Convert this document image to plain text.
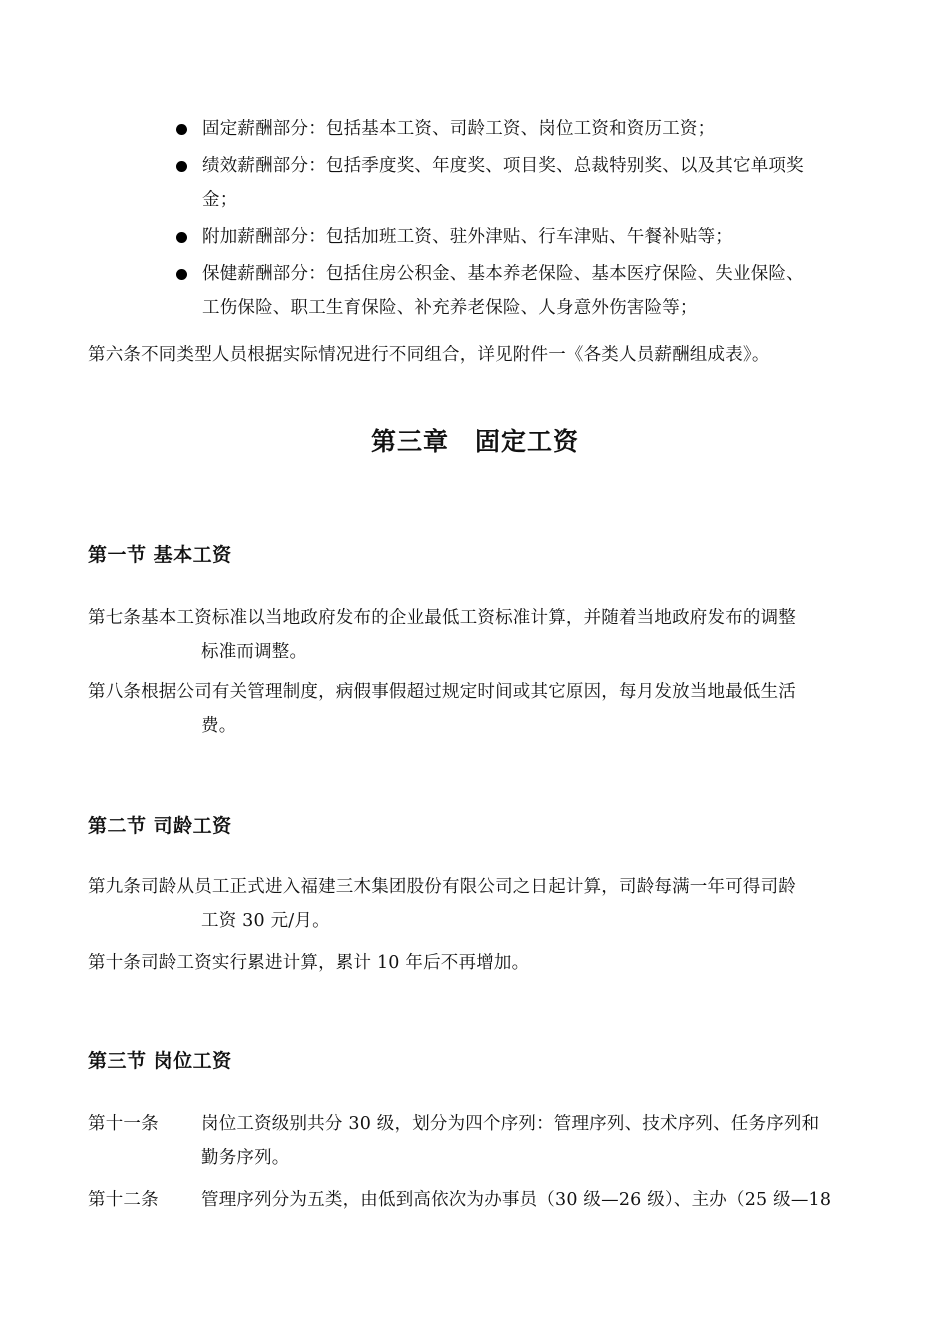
固定薪酬部分：包括基本工资、司龄工资、岗位工资和资历工资；
绩效薪酬部分：包括季度奖、年度奖、项目奖、总裁特别奖、以及其它单项奖
金；
附加薪酬部分：包括加班工资、驻外津贴、行车津贴、午餐补贴等；
保健薪酬部分：包括住房公积金、基本养老保险、基本医疗保险、失业保险、
工伤保险、职工生育保险、补充养老保险、人身意外伤害险等；
第六条不同类型人员根据实际情况进行不同组合，详见附件一《各类人员薪酬组成表》。
第三章　固定工资
第一节 基本工资
第七条基本工资标准以当地政府发布的企业最低工资标准计算，并随着当地政府发布的调整
标准而调整。
第八条根据公司有关管理制度，病假事假超过规定时间或其它原因，每月发放当地最低生活
费。
第二节 司龄工资
第九条司龄从员工正式进入福建三木集团股份有限公司之日起计算，司龄每满一年可得司龄
工资 30 元/月。
第十条司龄工资实行累进计算，累计 10 年后不再增加。
第三节 岗位工资
第十一条 岗位工资级别共分 30 级，划分为四个序列：管理序列、技术序列、任务序列和
勤务序列。
第十二条 管理序列分为五类，由低到高依次为办事员（30 级—26 级）、主办（25 级—18
